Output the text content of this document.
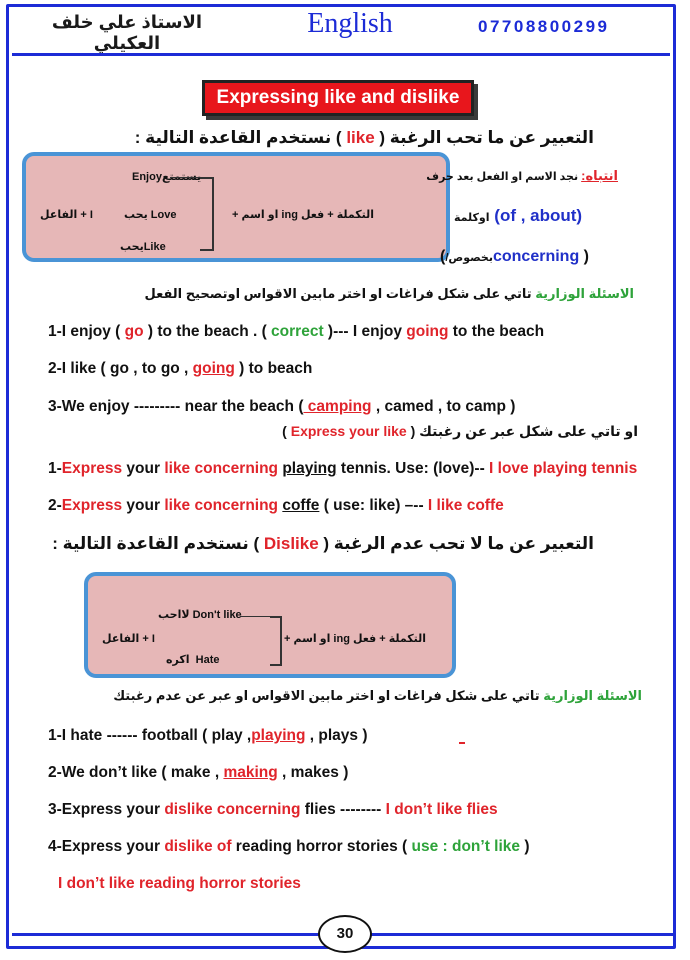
الاستاذ علي خلف العكيلي
English	07708800299
Expressing like and dislike
التعبير عن ما تحب الرغبة ( like ) نستخدم القاعدة التالية :
Enjoyيستمتع
يحب Love
يحبLike
الفاعل + I	التكملة + فعل ing او اسم +
انتباه: نجد الاسم او الفعل بعد حرف
اوكلمة (of , about)
(/بخصوصconcerning )
الاسئلة الوزارية تاتي على شكل فراغات او اختر مابين الاقواس اوتصحيح الفعل
1-I enjoy ( go ) to the beach . ( correct )--- I enjoy going to the beach
2-I like ( go , to go , going ) to beach
3-We enjoy --------- near the beach ( camping , camed , to camp )
او تاتي على شكل عبر عن رغبتك ( Express your like )
1-Express your like concerning playing tennis. Use: (love)-- I love playing tennis
2-Express your like concerning coffe ( use: like) –-- I like coffe
التعبير عن ما لا تحب عدم الرغبة ( Dislike ) نستخدم القاعدة التالية :
لااحب Don't like
اكره Hate
الفاعل + I	التكملة + فعل ing او اسم +
الاسئلة الوزارية تاتي على شكل فراغات او اختر مابين الاقواس او عبر عن عدم رغبتك
1-I hate ------ football ( play ,playing , plays )
2-We don’t like ( make , making , makes )
3-Express your dislike concerning flies -------- I don’t like flies
4-Express your dislike of reading horror stories ( use : don’t like )
I don’t like reading horror stories
30
